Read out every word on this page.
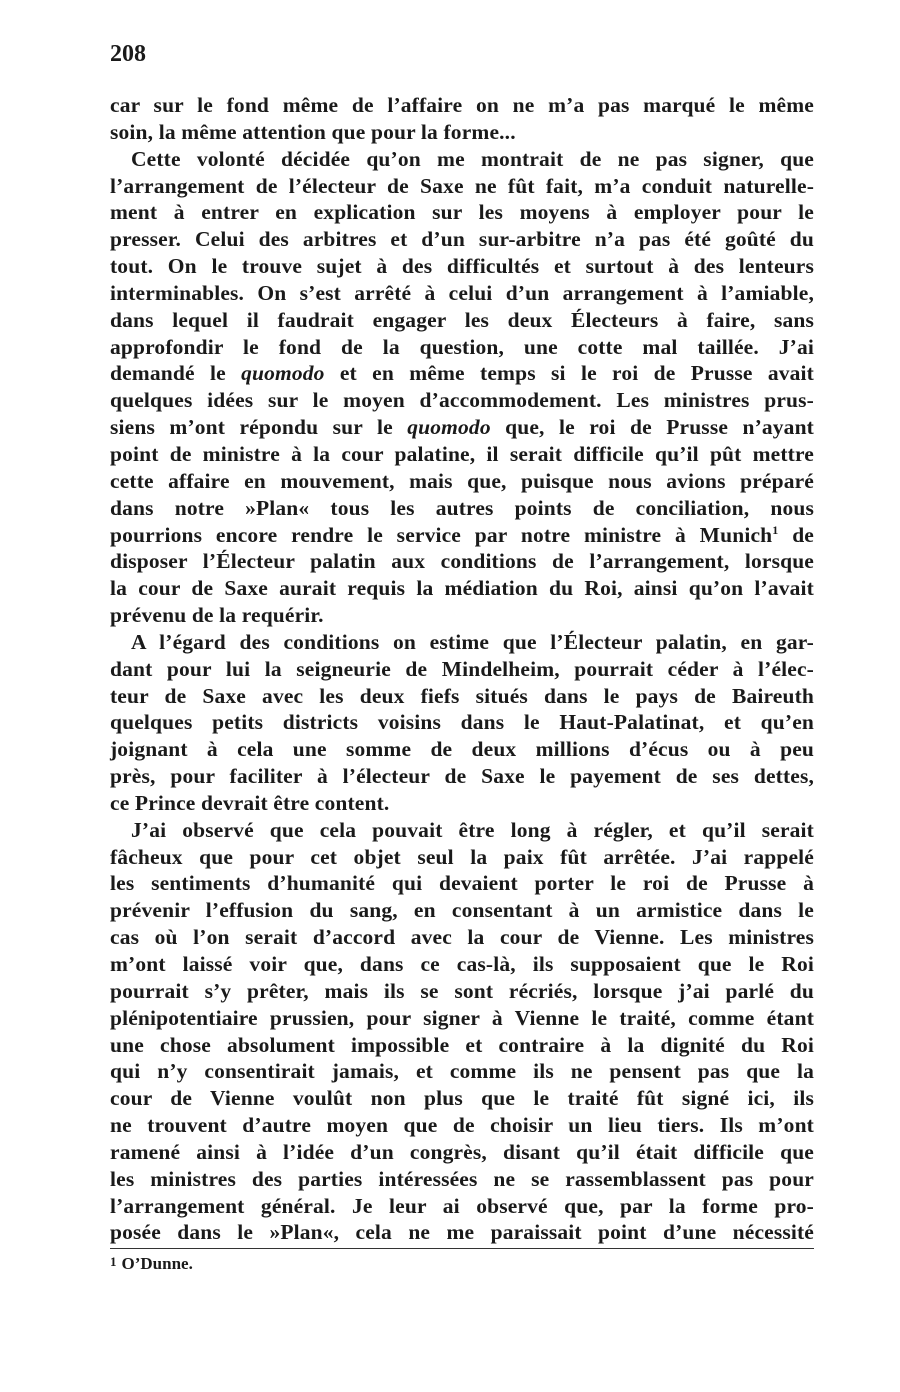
208
car sur le fond même de l’affaire on ne m’a pas marqué le même
soin, la même attention que pour la forme...
Cette volonté décidée qu’on me montrait de ne pas signer, que
l’arrangement de l’électeur de Saxe ne fût fait, m’a conduit naturelle-
ment à entrer en explication sur les moyens à employer pour le
presser. Celui des arbitres et d’un sur-arbitre n’a pas été goûté du
tout. On le trouve sujet à des difficultés et surtout à des lenteurs
interminables. On s’est arrêté à celui d’un arrangement à l’amiable,
dans lequel il faudrait engager les deux Électeurs à faire, sans
approfondir le fond de la question, une cotte mal taillée. J’ai
demandé le quomodo et en même temps si le roi de Prusse avait
quelques idées sur le moyen d’accommodement. Les ministres prus-
siens m’ont répondu sur le quomodo que, le roi de Prusse n’ayant
point de ministre à la cour palatine, il serait difficile qu’il pût mettre
cette affaire en mouvement, mais que, puisque nous avions préparé
dans notre »Plan« tous les autres points de conciliation, nous
pourrions encore rendre le service par notre ministre à Munich$^1$ de
disposer l’Électeur palatin aux conditions de l’arrangement, lorsque
la cour de Saxe aurait requis la médiation du Roi, ainsi qu’on l’avait
prévenu de la requérir.
A l’égard des conditions on estime que l’Électeur palatin, en gar-
dant pour lui la seigneurie de Mindelheim, pourrait céder à l’élec-
teur de Saxe avec les deux fiefs situés dans le pays de Baireuth
quelques petits districts voisins dans le Haut-Palatinat, et qu’en
joignant à cela une somme de deux millions d’écus ou à peu
près, pour faciliter à l’électeur de Saxe le payement de ses dettes,
ce Prince devrait être content.
J’ai observé que cela pouvait être long à régler, et qu’il serait
fâcheux que pour cet objet seul la paix fût arrêtée. J’ai rappelé
les sentiments d’humanité qui devaient porter le roi de Prusse à
prévenir l’effusion du sang, en consentant à un armistice dans le
cas où l’on serait d’accord avec la cour de Vienne. Les ministres
m’ont laissé voir que, dans ce cas-là, ils supposaient que le Roi
pourrait s’y prêter, mais ils se sont récriés, lorsque j’ai parlé du
plénipotentiaire prussien, pour signer à Vienne le traité, comme étant
une chose absolument impossible et contraire à la dignité du Roi
qui n’y consentirait jamais, et comme ils ne pensent pas que la
cour de Vienne voulût non plus que le traité fût signé ici, ils
ne trouvent d’autre moyen que de choisir un lieu tiers. Ils m’ont
ramené ainsi à l’idée d’un congrès, disant qu’il était difficile que
les ministres des parties intéressées ne se rassemblassent pas pour
l’arrangement général. Je leur ai observé que, par la forme pro-
posée dans le »Plan«, cela ne me paraissait point d’une nécessité
1 O’Dunne.
